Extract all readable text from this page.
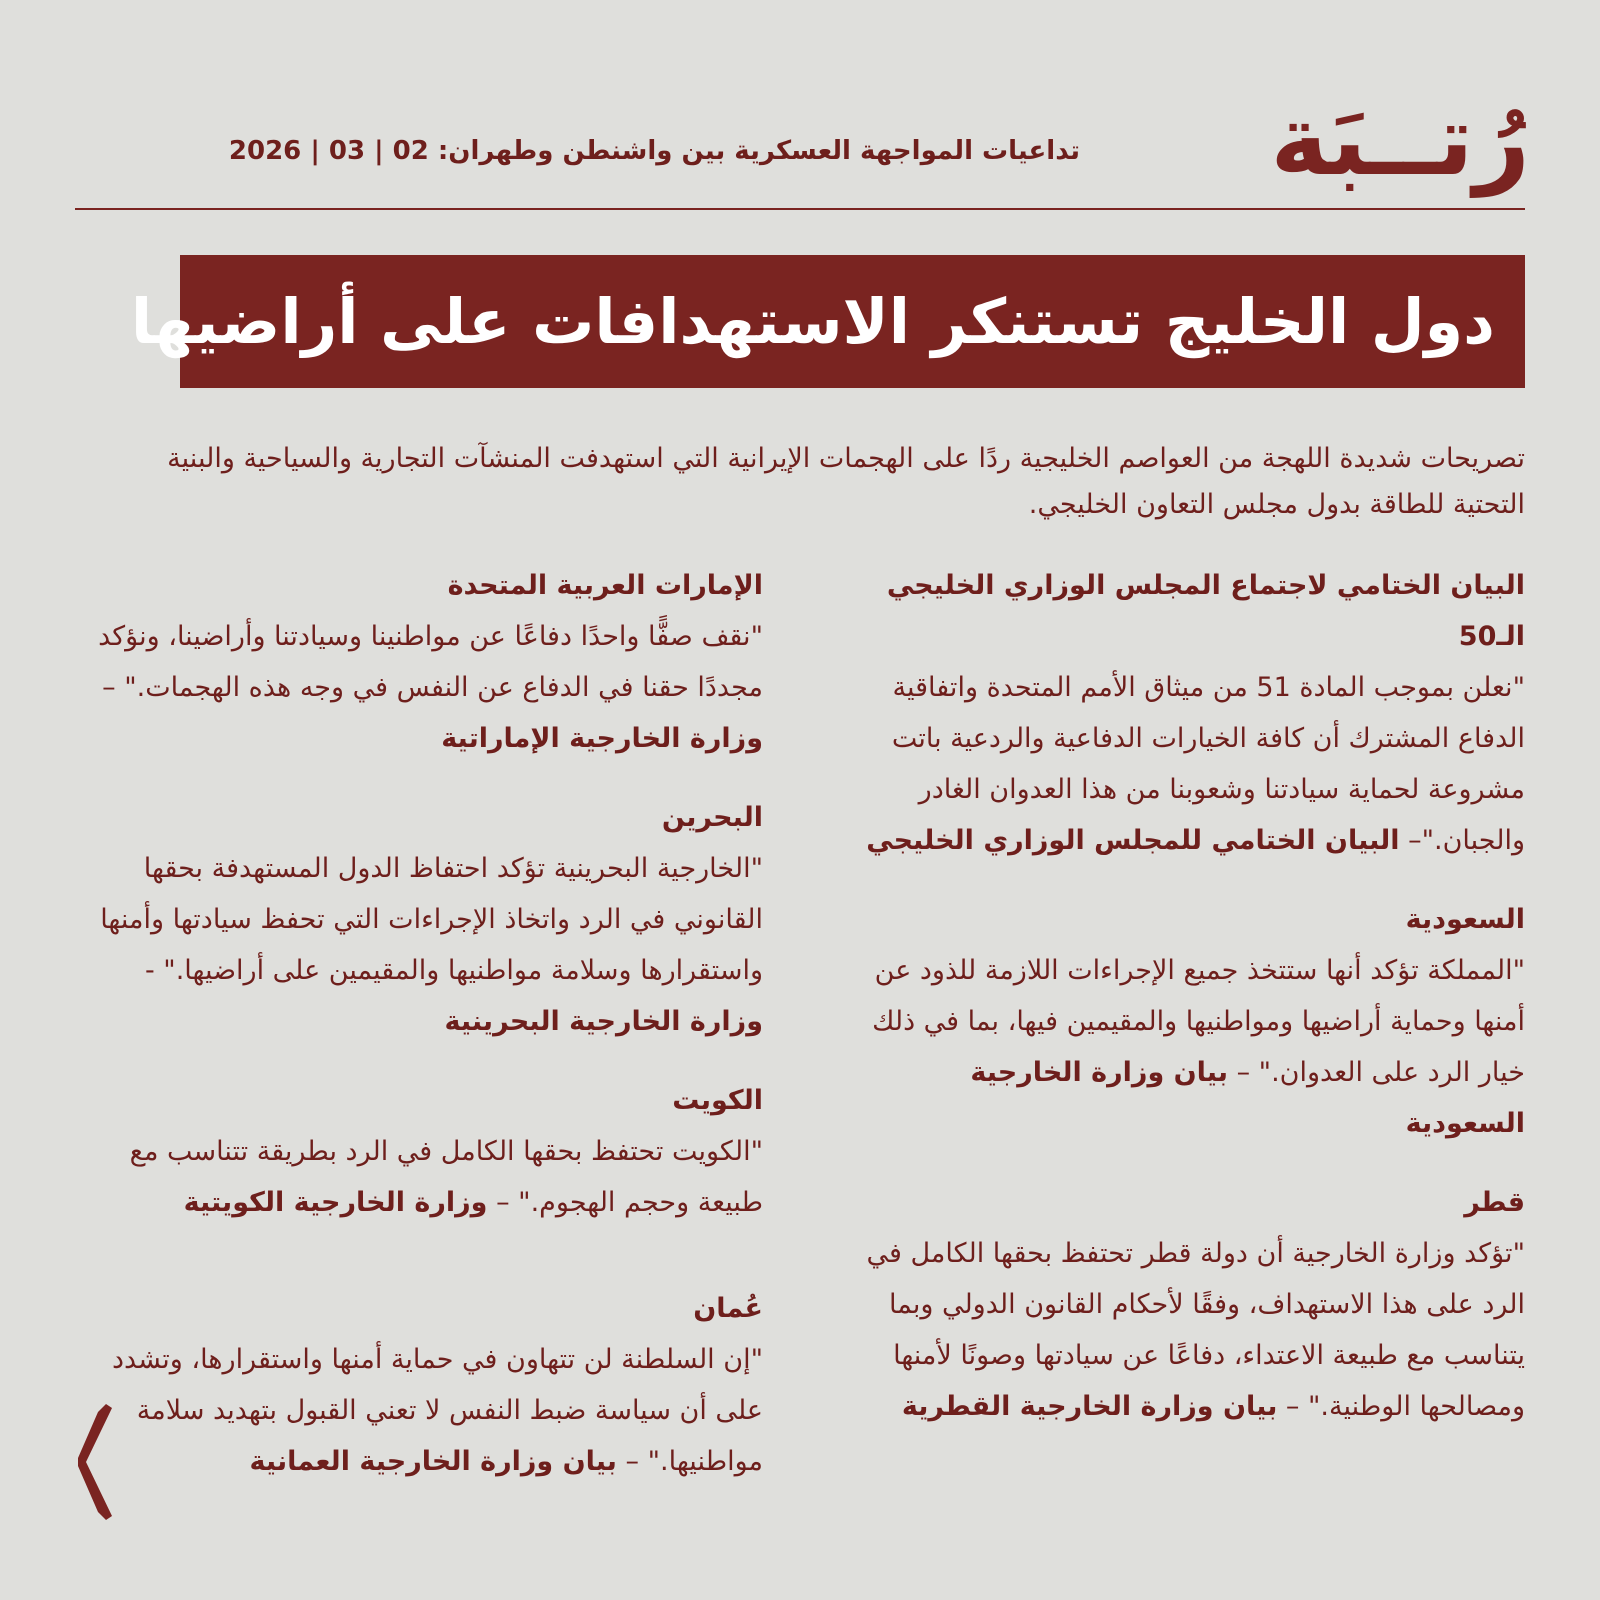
رُتــبَة
تداعيات المواجهة العسكرية بين واشنطن وطهران: 02 | 03 | 2026
دول الخليج تستنكر الاستهدافات على أراضيها
تصريحات شديدة اللهجة من العواصم الخليجية ردًا على الهجمات الإيرانية التي استهدفت المنشآت التجارية والسياحية والبنية التحتية للطاقة بدول مجلس التعاون الخليجي.
البيان الختامي لاجتماع المجلس الوزاري الخليجي الـ50

"نعلن بموجب المادة 51 من ميثاق الأمم المتحدة واتفاقية الدفاع المشترك أن كافة الخيارات الدفاعية والردعية باتت مشروعة لحماية سيادتنا وشعوبنا من هذا العدوان الغادر والجبان."– البيان الختامي للمجلس الوزاري الخليجي

السعودية

"المملكة تؤكد أنها ستتخذ جميع الإجراءات اللازمة للذود عن أمنها وحماية أراضيها ومواطنيها والمقيمين فيها، بما في ذلك خيار الرد على العدوان." – بيان وزارة الخارجية السعودية

قطر

"تؤكد وزارة الخارجية أن دولة قطر تحتفظ بحقها الكامل في الرد على هذا الاستهداف، وفقًا لأحكام القانون الدولي وبما يتناسب مع طبيعة الاعتداء، دفاعًا عن سيادتها وصونًا لأمنها ومصالحها الوطنية." – بيان وزارة الخارجية القطرية

الإمارات العربية المتحدة

"نقف صفًّا واحدًا دفاعًا عن مواطنينا وسيادتنا وأراضينا، ونؤكد مجددًا حقنا في الدفاع عن النفس في وجه هذه الهجمات." – وزارة الخارجية الإماراتية

البحرين

"الخارجية البحرينية تؤكد احتفاظ الدول المستهدفة بحقها القانوني في الرد واتخاذ الإجراءات التي تحفظ سيادتها وأمنها واستقرارها وسلامة مواطنيها والمقيمين على أراضيها." - وزارة الخارجية البحرينية

الكويت

"الكويت تحتفظ بحقها الكامل في الرد بطريقة تتناسب مع طبيعة وحجم الهجوم." – وزارة الخارجية الكويتية

عُمان

"إن السلطنة لن تتهاون في حماية أمنها واستقرارها، وتشدد على أن سياسة ضبط النفس لا تعني القبول بتهديد سلامة مواطنيها." – بيان وزارة الخارجية العمانية
